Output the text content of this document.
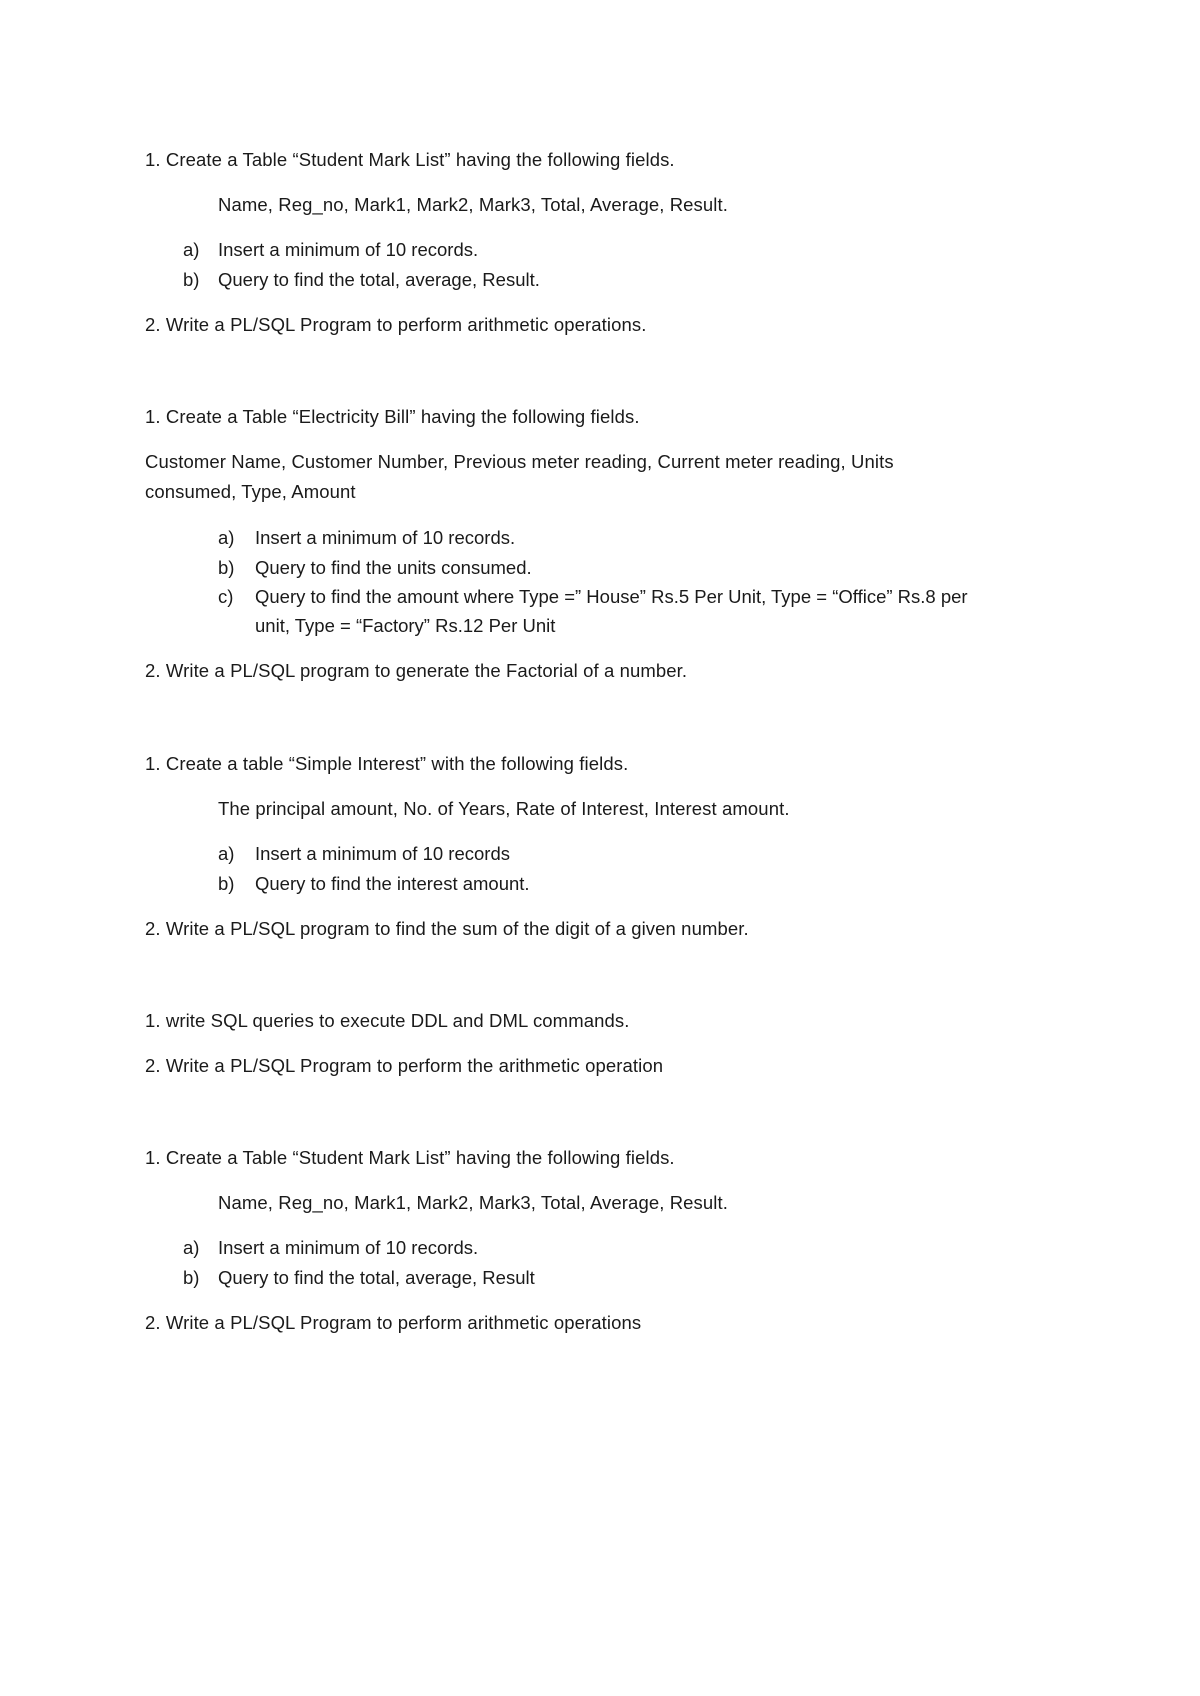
1. Create a Table “Student Mark List” having the following fields.
Name, Reg_no, Mark1, Mark2, Mark3, Total, Average, Result.
a)	Insert a minimum of 10 records.
b)	Query to find the total, average, Result.
2. Write a PL/SQL Program to perform arithmetic operations.
1. Create a Table “Electricity Bill” having the following fields.
Customer Name, Customer Number, Previous meter reading, Current meter reading, Units
consumed, Type, Amount
a)	Insert a minimum of 10 records.
b)	Query to find the units consumed.
c)	Query to find the amount where Type =” House” Rs.5 Per Unit, Type = “Office” Rs.8 per
unit, Type = “Factory” Rs.12 Per Unit
2. Write a PL/SQL program to generate the Factorial of a number.
1. Create a table “Simple Interest” with the following fields.
The principal amount, No. of Years, Rate of Interest, Interest amount.
a)	Insert a minimum of 10 records
b)	Query to find the interest amount.
2. Write a PL/SQL program to find the sum of the digit of a given number.
1. write SQL queries to execute DDL and DML commands.
2. Write a PL/SQL Program to perform the arithmetic operation
1. Create a Table “Student Mark List” having the following fields.
Name, Reg_no, Mark1, Mark2, Mark3, Total, Average, Result.
a)	Insert a minimum of 10 records.
b)	Query to find the total, average, Result
2. Write a PL/SQL Program to perform arithmetic operations
